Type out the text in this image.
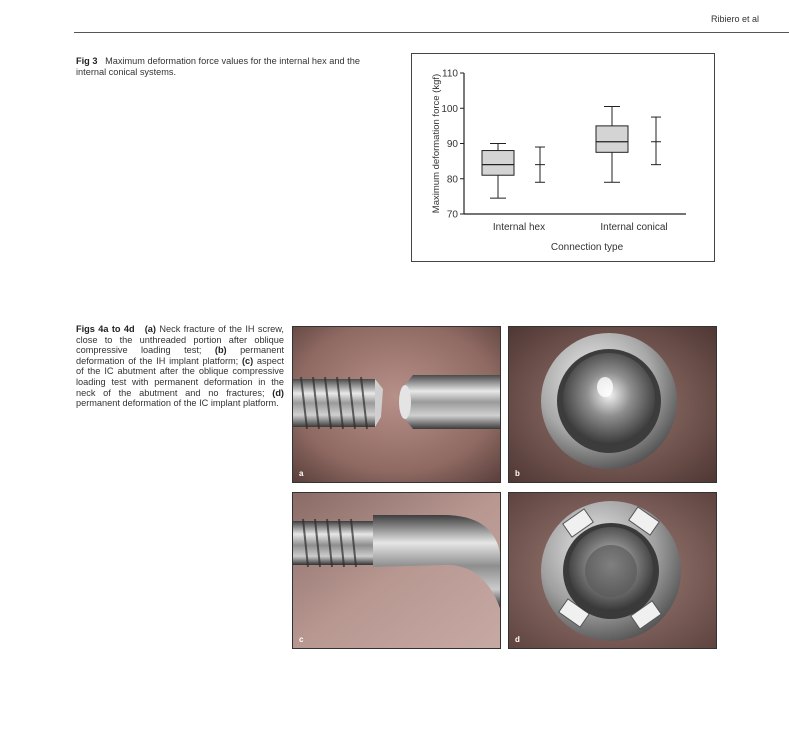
Ribiero et al
Fig 3 Maximum deformation force values for the internal hex and the internal conical systems.
70
80
90
100
110
Maximum deformation force (kgf)
Connection type
Internal hex	Internal conical
Figs 4a to 4d (a) Neck fracture of the IH screw, close to the unthreaded portion after oblique compressive loading test; (b) permanent deformation of the IH implant platform; (c) aspect of the IC abutment after the oblique compressive loading test with permanent deformation in the neck of the abutment and no fractures; (d) permanent deformation of the IC implant platform.
a	b
c	d
